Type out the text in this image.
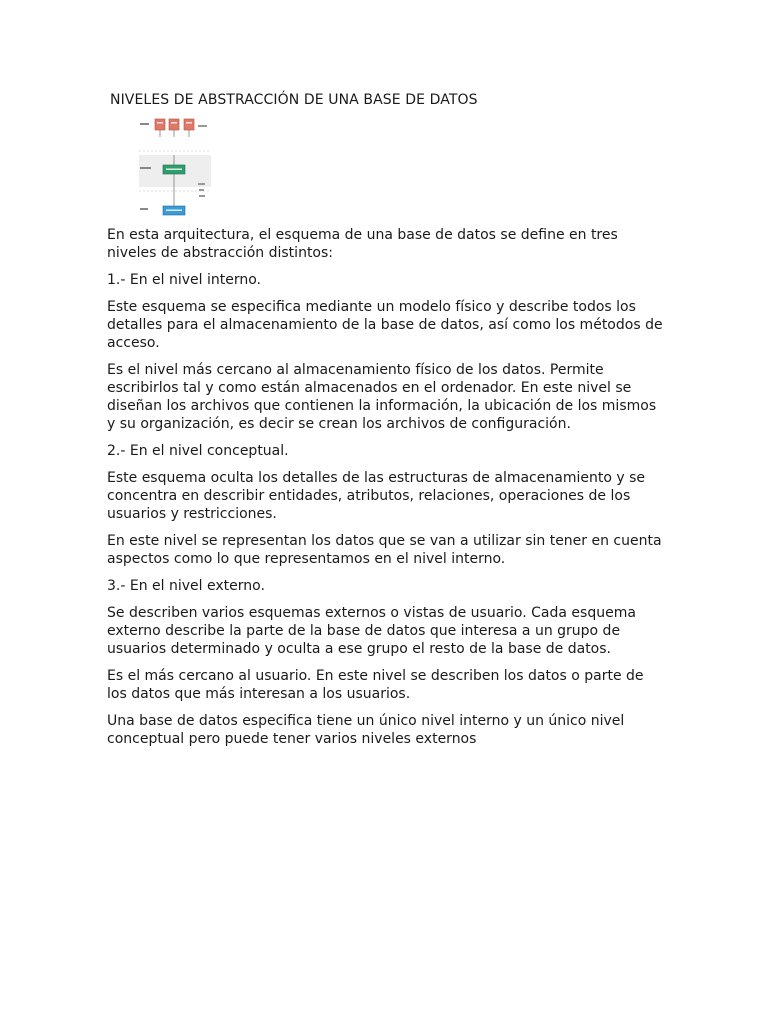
NIVELES DE ABSTRACCIÓN DE UNA BASE DE DATOS

En esta arquitectura, el esquema de una base de datos se define en tres niveles de abstracción distintos:

1.- En el nivel interno.

Este esquema se especifica mediante un modelo físico y describe todos los detalles para el almacenamiento de la base de datos, así como los métodos de acceso.

Es el nivel más cercano al almacenamiento físico de los datos. Permite escribirlos tal y como están almacenados en el ordenador. En este nivel se diseñan los archivos que contienen la información, la ubicación de los mismos y su organización, es decir se crean los archivos de configuración.

2.- En el nivel conceptual.

Este esquema oculta los detalles de las estructuras de almacenamiento y se concentra en describir entidades, atributos, relaciones, operaciones de los usuarios y restricciones.

En este nivel se representan los datos que se van a utilizar sin tener en cuenta aspectos como lo que representamos en el nivel interno.

3.- En el nivel externo.

Se describen varios esquemas externos o vistas de usuario. Cada esquema externo describe la parte de la base de datos que interesa a un grupo de usuarios determinado y oculta a ese grupo el resto de la base de datos.

Es el más cercano al usuario. En este nivel se describen los datos o parte de los datos que más interesan a los usuarios.

Una base de datos especifica tiene un único nivel interno y un único nivel conceptual pero puede tener varios niveles externos
